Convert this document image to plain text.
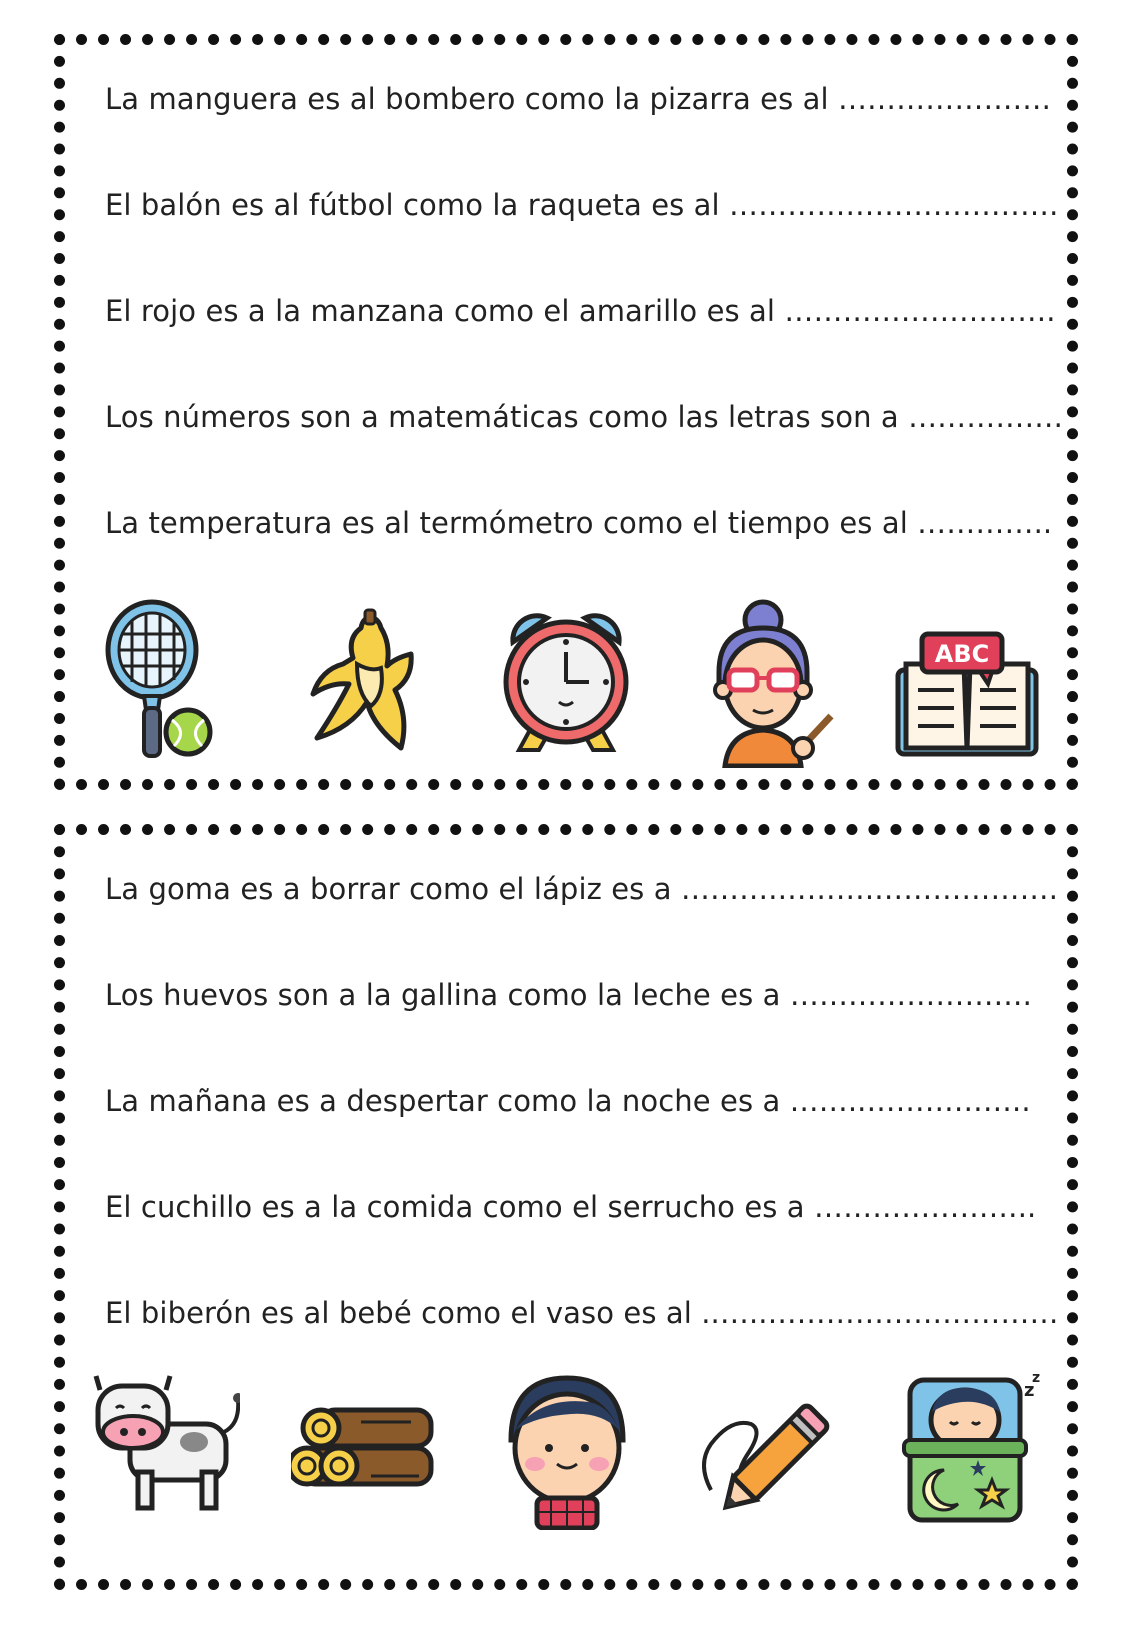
La manguera es al bombero como la pizarra es al ………………….
El balón es al fútbol como la raqueta es al …………………………….
El rojo es a la manzana como el amarillo es al ……………………….
Los números son a matemáticas como las letras son a …………….
La temperatura es al termómetro como el tiempo es al …………..
ABC
La goma es a borrar como el lápiz es a ……….……….……………….
Los huevos son a la gallina como la leche es a …………………….
La mañana es a despertar como la noche es a ……..……………..
El cuchillo es a la comida como el serrucho es a …………………..
El biberón es al bebé como el vaso es al ..…..…………………………
z
z
